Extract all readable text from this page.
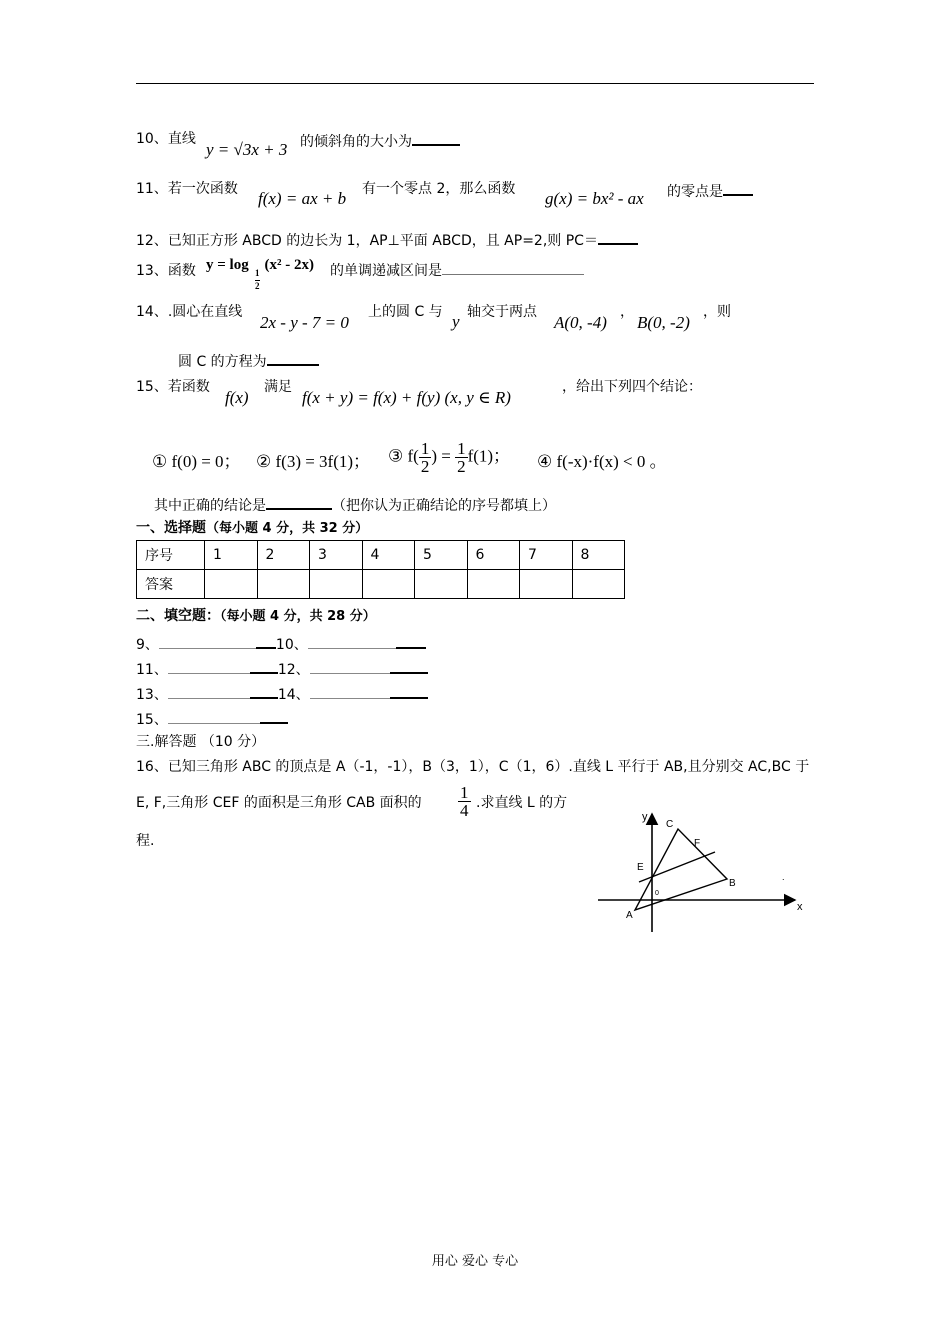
10、直线
y = √3x + 3 的倾斜角的大小为
11、若一次函数 f(x) = ax + b 有一个零点 2，那么函数 g(x) = bx² - ax 的零点是
12、已知正方形 ABCD 的边长为 1，AP⊥平面 ABCD，且 AP=2,则 PC＝
13、函数 y = log 1
2
(x² - 2x) 的单调递减区间是
14、.圆心在直线
2x - y - 7 = 0
上的圆 C 与 y 轴交于两点
A(0, -4)
，
B(0, -2)
，则
圆 C 的方程为
15、若函数
f(x)
满足
f(x + y) = f(x) + f(y) (x, y ∈ R)
，给出下列四个结论：
① f(0) = 0； ② f(3) = 3f(1)； ③ $f( \frac{1}{2}$ ) = $\frac{1}{2} f(1)$； ④ f(-x)·f(x) < 0 。
其中正确的结论是	（把你认为正确结论的序号都填上）
一、选择题（每小题 4 分，共 32 分）
序号	1	2	3	4	5	6	7	8
答案								
二、填空题：（每小题 4 分，共 28 分）
9、	10、
11、	12、
13、	14、
15、
三.解答题 （10 分）
16、已知三角形 ABC 的顶点是 A（-1，-1），B（3，1），C（1，6）.直线 L 平行于 AB,且分别交 AC,BC 于
E, F,三角形 CEF 的面积是三角形 CAB 面积的 $\frac{1}{4}$ .求直线 L 的方
程.
y
x
C
F
E
B
0
A
.
用心 爱心 专心
